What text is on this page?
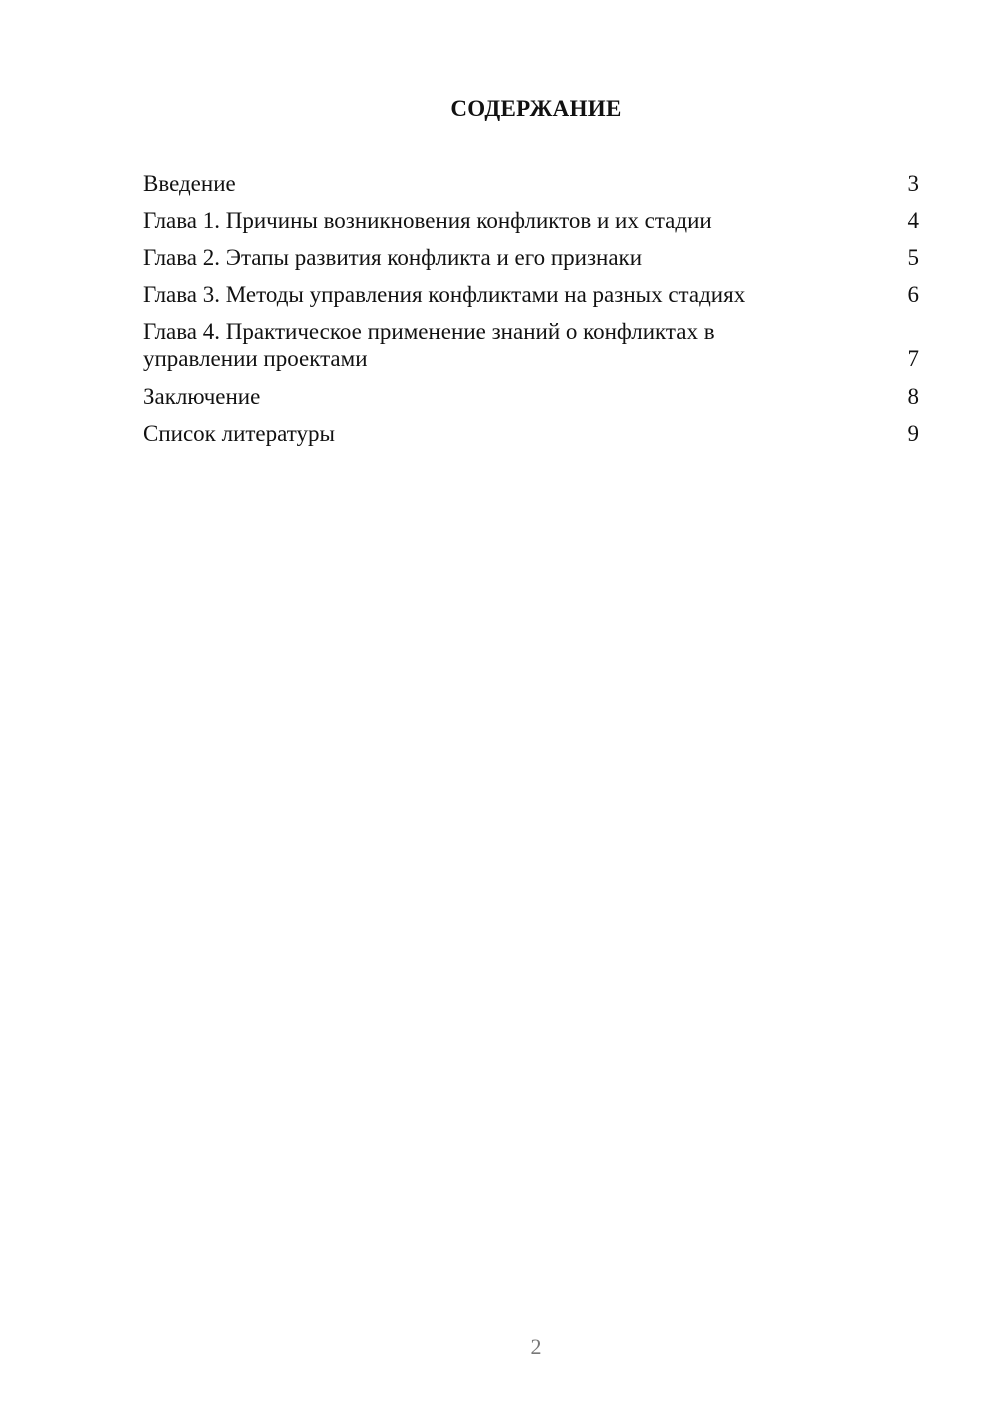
СОДЕРЖАНИЕ
Введение	3
Глава 1. Причины возникновения конфликтов и их стадии	4
Глава 2. Этапы развития конфликта и его признаки	5
Глава 3. Методы управления конфликтами на разных стадиях	6
Глава 4. Практическое применение знаний о конфликтах в управлении проектами	7
Заключение	8
Список литературы	9
2
